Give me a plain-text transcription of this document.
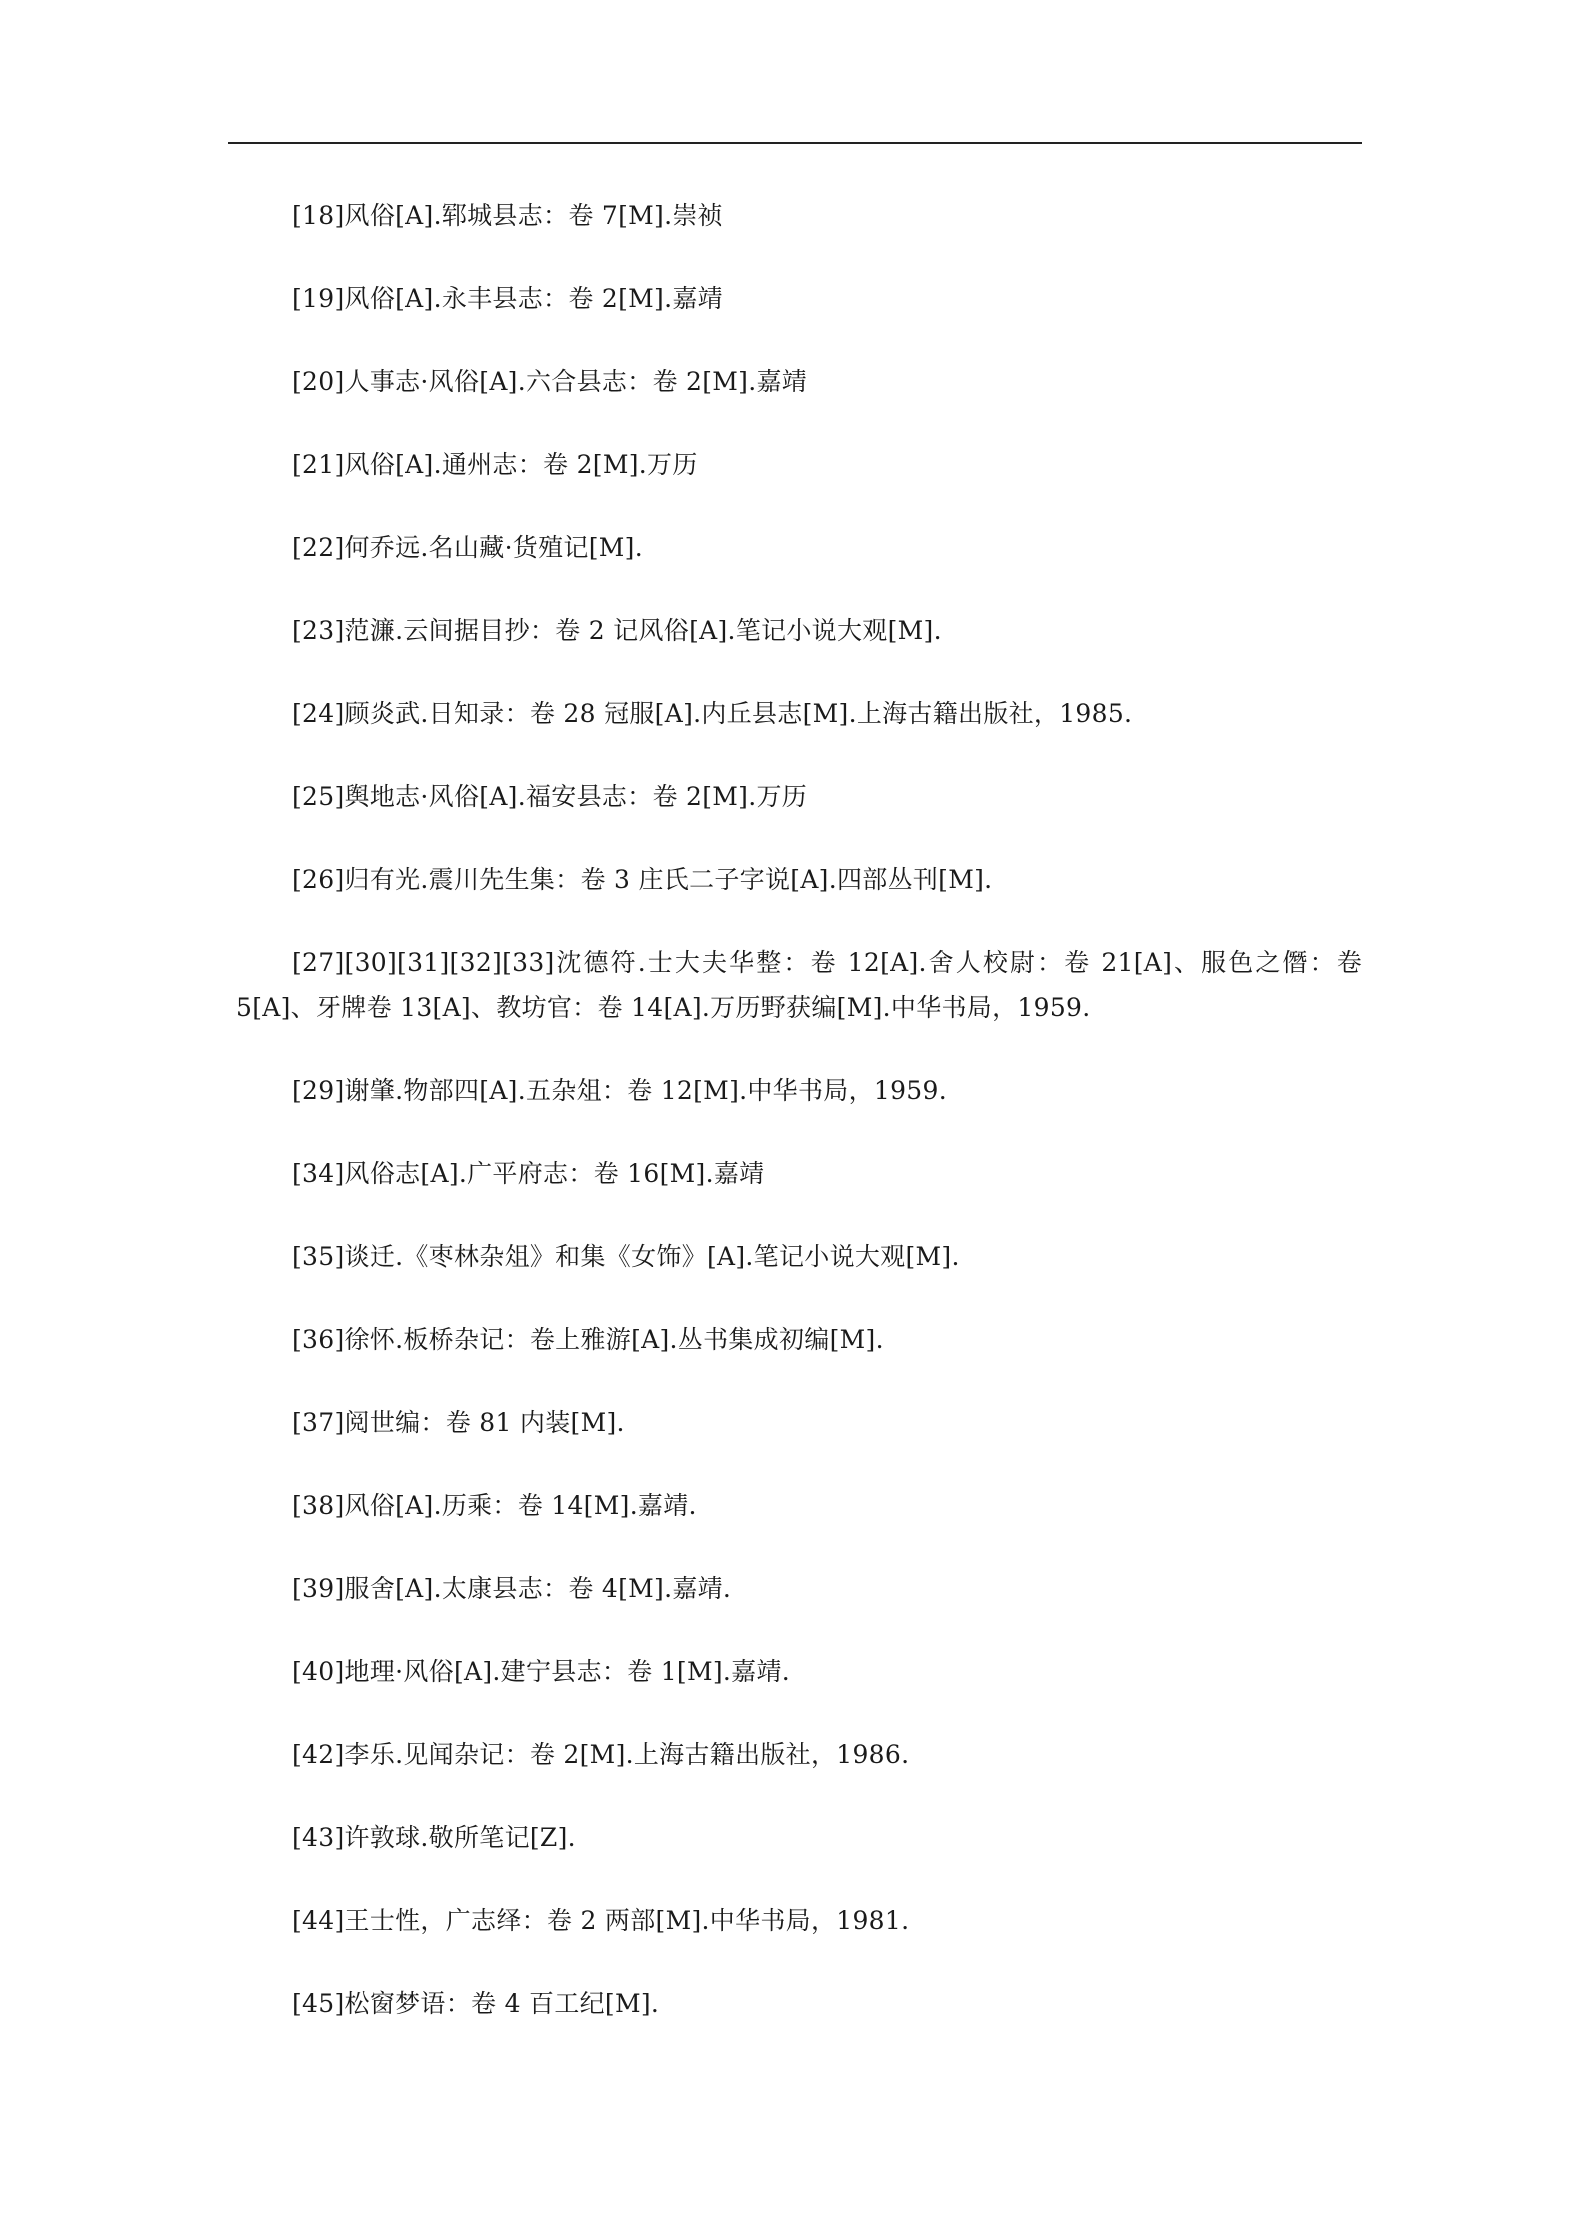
[18]风俗[A].郓城县志：卷 7[M].崇祯

[19]风俗[A].永丰县志：卷 2[M].嘉靖

[20]人事志·风俗[A].六合县志：卷 2[M].嘉靖

[21]风俗[A].通州志：卷 2[M].万历

[22]何乔远.名山藏·货殖记[M].

[23]范濂.云间据目抄：卷 2 记风俗[A].笔记小说大观[M].

[24]顾炎武.日知录：卷 28 冠服[A].内丘县志[M].上海古籍出版社，1985.

[25]舆地志·风俗[A].福安县志：卷 2[M].万历

[26]归有光.震川先生集：卷 3 庄氏二子字说[A].四部丛刊[M].

[27][30][31][32][33]沈德符.士大夫华整：卷 12[A].舍人校尉：卷 21[A]、服色之僭：卷 5[A]、牙牌卷 13[A]、教坊官：卷 14[A].万历野获编[M].中华书局，1959.

[29]谢肇.物部四[A].五杂俎：卷 12[M].中华书局，1959.

[34]风俗志[A].广平府志：卷 16[M].嘉靖

[35]谈迁.《枣林杂俎》和集《女饰》[A].笔记小说大观[M].

[36]徐怀.板桥杂记：卷上雅游[A].丛书集成初编[M].

[37]阅世编：卷 81 内装[M].

[38]风俗[A].历乘：卷 14[M].嘉靖.

[39]服舍[A].太康县志：卷 4[M].嘉靖.

[40]地理·风俗[A].建宁县志：卷 1[M].嘉靖.

[42]李乐.见闻杂记：卷 2[M].上海古籍出版社，1986.

[43]许敦球.敬所笔记[Z].

[44]王士性，广志绎：卷 2 两部[M].中华书局，1981.

[45]松窗梦语：卷 4 百工纪[M].
